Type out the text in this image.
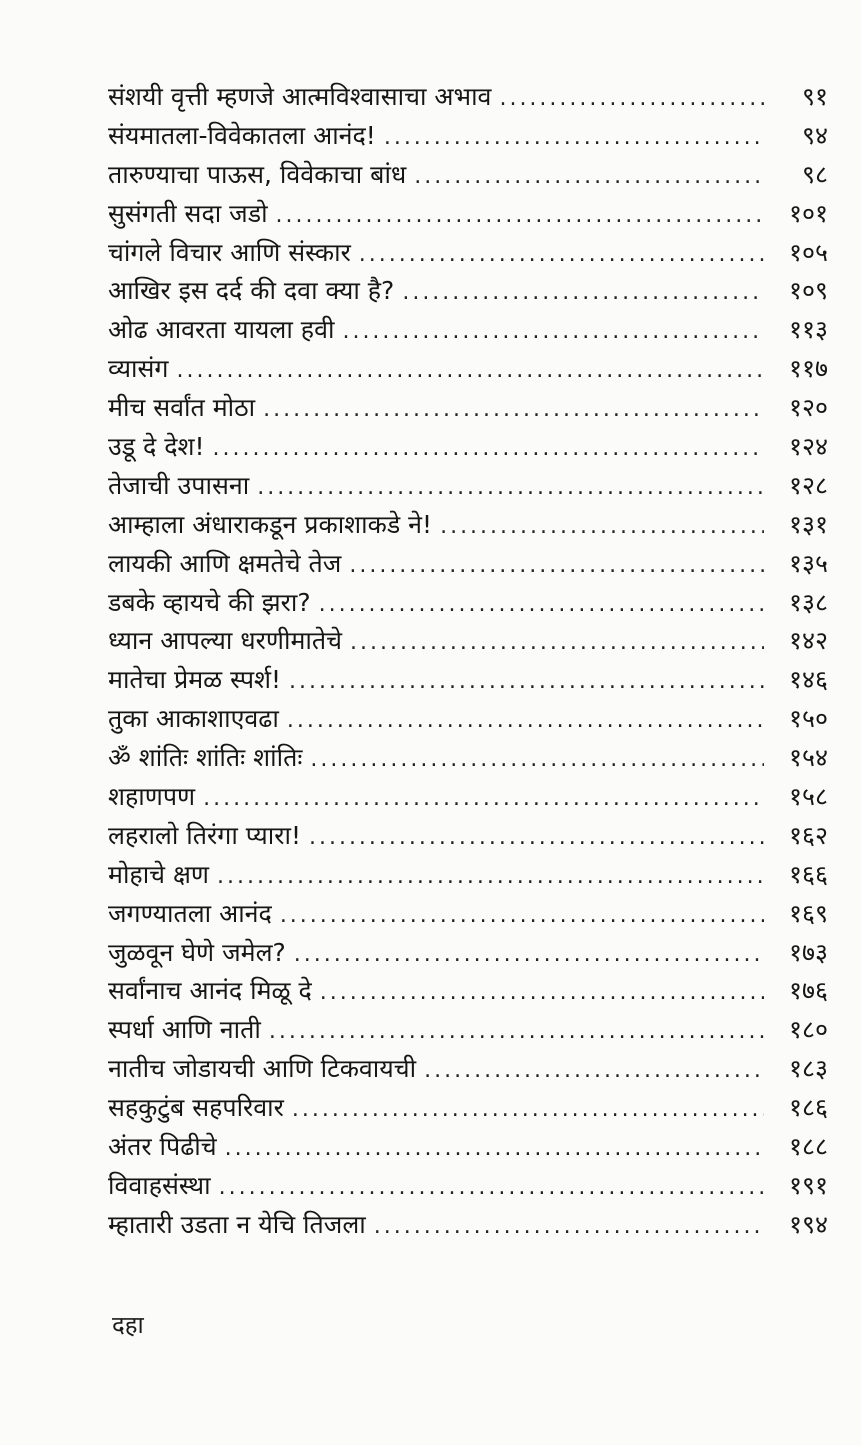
संशयी वृत्ती म्हणजे आत्मविश्वासाचा अभाव .....	९१
संयमातला-विवेकातला आनंद! .....	९४
तारुण्याचा पाऊस, विवेकाचा बांध .....	९८
सुसंगती सदा जडो .....	१०१
चांगले विचार आणि संस्कार .....	१०५
आखिर इस दर्द की दवा क्या है? .....	१०९
ओढ आवरता यायला हवी .....	११३
व्यासंग .....	११७
मीच सर्वांत मोठा .....	१२०
उडू दे देश! .....	१२४
तेजाची उपासना .....	१२८
आम्हाला अंधाराकडून प्रकाशाकडे ने! .....	१३१
लायकी आणि क्षमतेचे तेज .....	१३५
डबके व्हायचे की झरा? .....	१३८
ध्यान आपल्या धरणीमातेचे .....	१४२
मातेचा प्रेमळ स्पर्श! .....	१४६
तुका आकाशाएवढा .....	१५०
ॐ शांतिः शांतिः शांतिः .....	१५४
शहाणपण .....	१५८
लहरालो तिरंगा प्यारा! .....	१६२
मोहाचे क्षण .....	१६६
जगण्यातला आनंद .....	१६९
जुळवून घेणे जमेल? .....	१७३
सर्वांनाच आनंद मिळू दे .....	१७६
स्पर्धा आणि नाती .....	१८०
नातीच जोडायची आणि टिकवायची .....	१८३
सहकुटुंब सहपरिवार .....	१८६
अंतर पिढीचे .....	१८८
विवाहसंस्था .....	१९१
म्हातारी उडता न येचि तिजला .....	१९४
दहा
